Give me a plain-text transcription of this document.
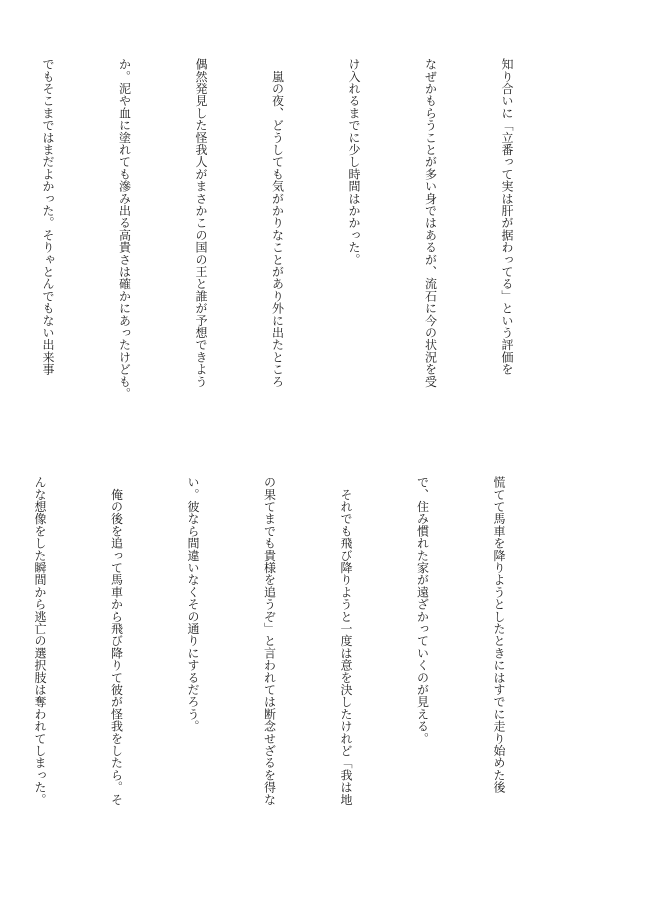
知り合いに「立番って実は肝が据わってる」という評価を

なぜかもらうことが多い身ではあるが、流石に今の状況を受

け入れるまでに少し時間はかかった。

　嵐の夜、どうしても気がかりなことがあり外に出たところ

偶然発見した怪我人がまさかこの国の王と誰が予想できよう

か。泥や血に塗れても滲み出る高貴さは確かにあったけども。

でもそこまではまだよかった。そりゃとんでもない出来事

慌てて馬車を降りようとしたときにはすでに走り始めた後

で、住み慣れた家が遠ざかっていくのが見える。

　それでも飛び降りようと一度は意を決したけれど「我は地

の果てまでも貴様を追うぞ」と言われては断念せざるを得な

い。彼なら間違いなくその通りにするだろう。

　俺の後を追って馬車から飛び降りて彼が怪我をしたら。そ

んな想像をした瞬間から逃亡の選択肢は奪われてしまった。
